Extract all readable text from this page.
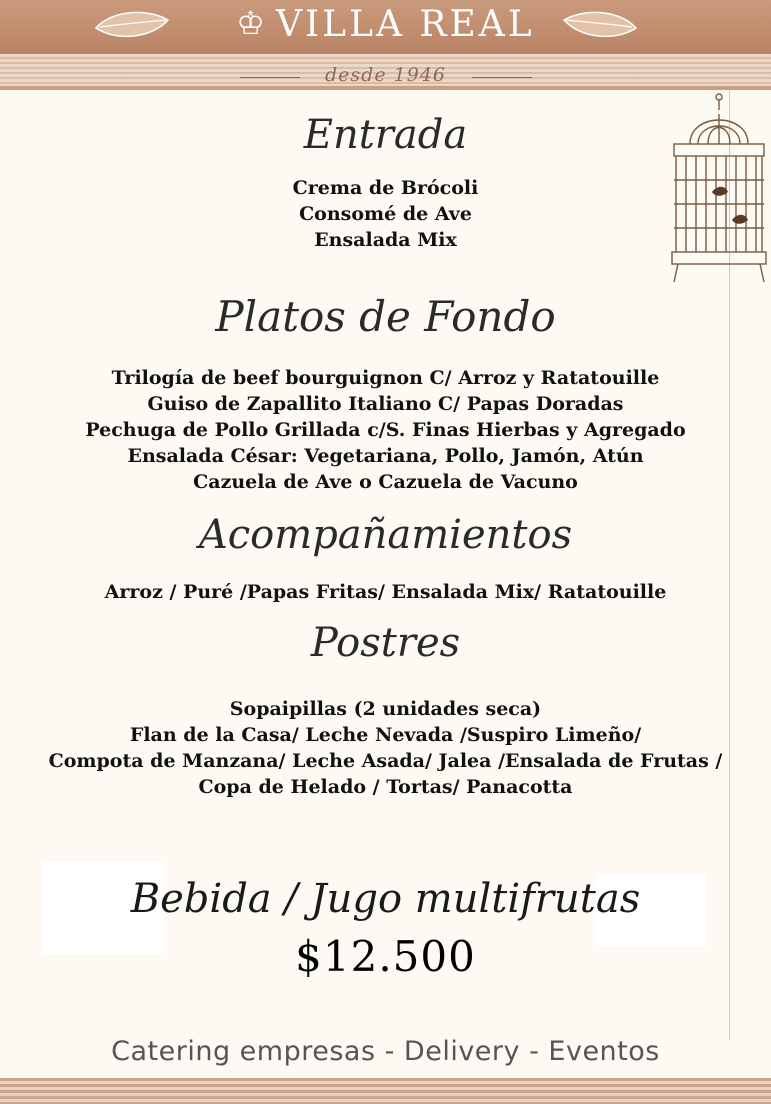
♔ VILLA REAL
desde 1946
Entrada
Crema de Brócoli
Consomé de Ave
Ensalada Mix
Platos de Fondo
Trilogía de beef bourguignon C/ Arroz y Ratatouille
Guiso de Zapallito Italiano C/ Papas Doradas
Pechuga de Pollo Grillada c/S. Finas Hierbas y Agregado
Ensalada César: Vegetariana, Pollo, Jamón, Atún
Cazuela de Ave o Cazuela de Vacuno
Acompañamientos
Arroz / Puré /Papas Fritas/ Ensalada Mix/ Ratatouille
Postres
Sopaipillas (2 unidades seca)
Flan de la Casa/ Leche Nevada /Suspiro Limeño/
Compota de Manzana/ Leche Asada/ Jalea /Ensalada de Frutas /
Copa de Helado / Tortas/ Panacotta
Bebida / Jugo multifrutas
$12.500
Catering empresas - Delivery - Eventos
